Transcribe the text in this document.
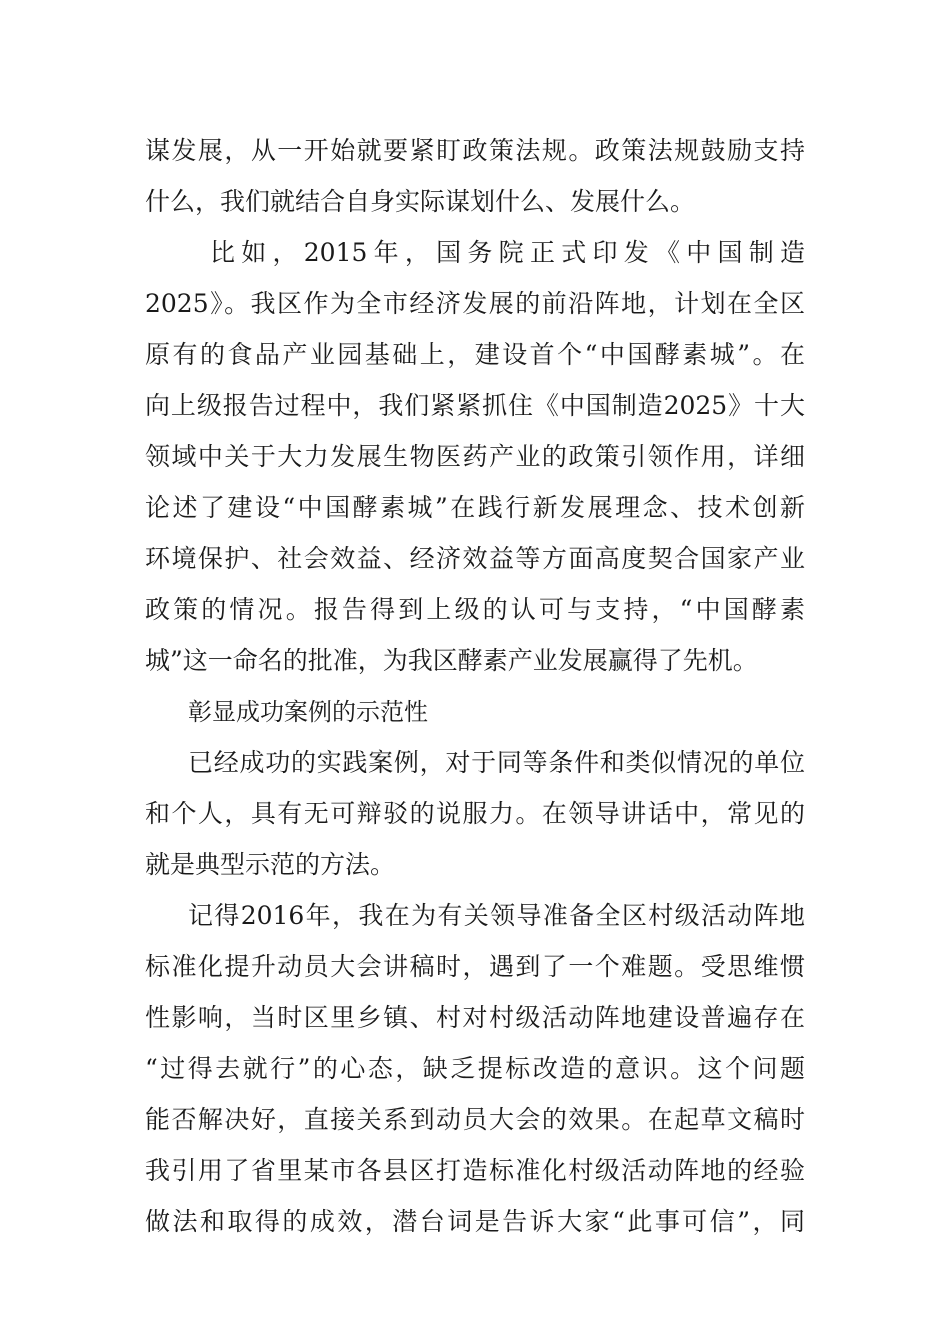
谋发展，从一开始就要紧盯政策法规。政策法规鼓励支持
什么，我们就结合自身实际谋划什么、发展什么。
比如，2015年，国务院正式印发《中国制造
2025》。我区作为全市经济发展的前沿阵地，计划在全区
原有的食品产业园基础上，建设首个“中国酵素城”。在
向上级报告过程中，我们紧紧抓住《中国制造2025》十大
领域中关于大力发展生物医药产业的政策引领作用，详细
论述了建设“中国酵素城”在践行新发展理念、技术创新
环境保护、社会效益、经济效益等方面高度契合国家产业
政策的情况。报告得到上级的认可与支持，“中国酵素
城”这一命名的批准，为我区酵素产业发展赢得了先机。
彰显成功案例的示范性
已经成功的实践案例，对于同等条件和类似情况的单位
和个人，具有无可辩驳的说服力。在领导讲话中，常见的
就是典型示范的方法。
记得2016年，我在为有关领导准备全区村级活动阵地
标准化提升动员大会讲稿时，遇到了一个难题。受思维惯
性影响，当时区里乡镇、村对村级活动阵地建设普遍存在
“过得去就行”的心态，缺乏提标改造的意识。这个问题
能否解决好，直接关系到动员大会的效果。在起草文稿时
我引用了省里某市各县区打造标准化村级活动阵地的经验
做法和取得的成效，潜台词是告诉大家“此事可信”，同
